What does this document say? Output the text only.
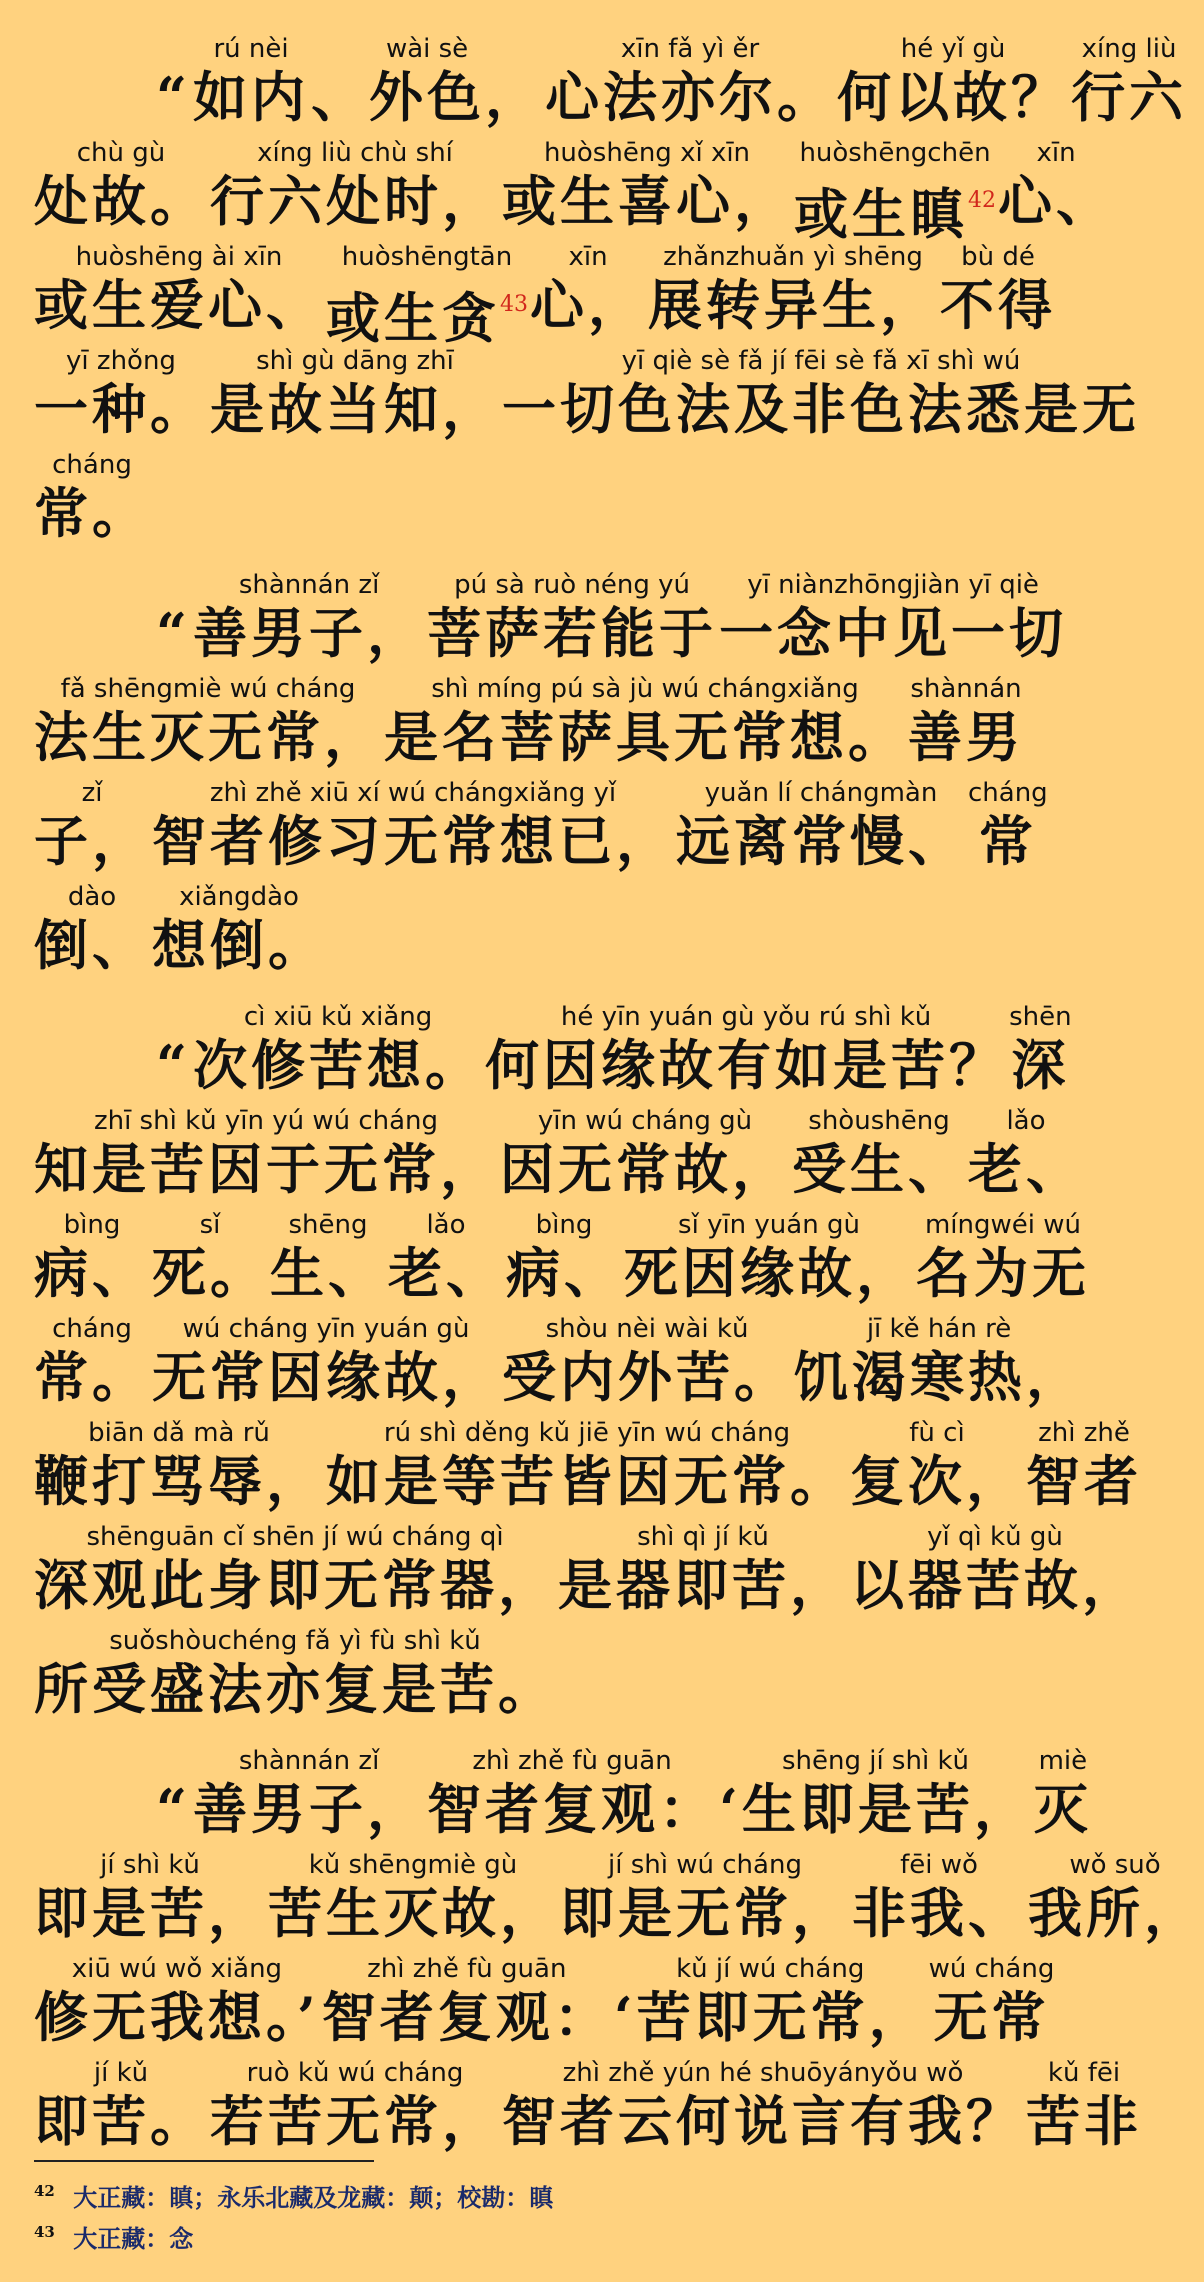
“
rú nèi
如内
wài sè
、外色，
xīn fǎ yì ěr
心法亦尔。
hé yǐ gù
何以故？
xíng liù
行六
chù gù
处故。
xíng liù chù shí
行六处时，
huòshēng xǐ xīn
或生喜心，
huòshēngchēn
或生瞋$^{42}$
xīn
心、
huòshēng ài xīn
或生爱心、
huòshēngtān
或生贪$^{43}$
xīn
心，
zhǎnzhuǎn yì shēng
展转异生，
bù dé
不得
yī zhǒng
一种。
shì gù dāng zhī
是故当知，
yī qiè sè fǎ jí fēi sè fǎ xī shì wú
一切色法及非色法悉是无
cháng
常。
“
shànnán zǐ
善男子，
pú sà ruò néng yú
菩萨若能于
yī niànzhōngjiàn yī qiè
一念中见一切
fǎ shēngmiè wú cháng
法生灭无常，
shì míng pú sà jù wú chángxiǎng
是名菩萨具无常想。
shànnán
善男
zǐ
子，
zhì zhě xiū xí wú chángxiǎng yǐ
智者修习无常想已，
yuǎn lí chángmàn
远离常慢、
cháng
常
dào
倒、
xiǎngdào
想倒。
“
cì xiū kǔ xiǎng
次修苦想。
hé yīn yuán gù yǒu rú shì kǔ
何因缘故有如是苦？
shēn
深
zhī shì kǔ yīn yú wú cháng
知是苦因于无常，
yīn wú cháng gù
因无常故，
shòushēng
受生、
lǎo
老、
bìng
病、
sǐ
死。
shēng
生、
lǎo
老、
bìng
病、
sǐ yīn yuán gù
死因缘故，
míngwéi wú
名为无
cháng
常。
wú cháng yīn yuán gù
无常因缘故，
shòu nèi wài kǔ
受内外苦。
jī kě hán rè
饥渴寒热，
biān dǎ mà rǔ
鞭打骂辱，
rú shì děng kǔ jiē yīn wú cháng
如是等苦皆因无常。
fù cì
复次，
zhì zhě
智者
shēnguān cǐ shēn jí wú cháng qì
深观此身即无常器，
shì qì jí kǔ
是器即苦，
yǐ qì kǔ gù
以器苦故，
suǒshòuchéng fǎ yì fù shì kǔ
所受盛法亦复是苦。
“
shànnán zǐ
善男子，
zhì zhě fù guān
智者复观：
shēng jí shì kǔ
‘生即是苦，
miè
灭
jí shì kǔ
即是苦，
kǔ shēngmiè gù
苦生灭故，
jí shì wú cháng
即是无常，
fēi wǒ
非我、
wǒ suǒ
我所，
xiū wú wǒ xiǎng
修无我想。’
zhì zhě fù guān
智者复观：
kǔ jí wú cháng
‘苦即无常，
wú cháng
无常
jí kǔ
即苦。
ruò kǔ wú cháng
若苦无常，
zhì zhě yún hé shuōyányǒu wǒ
智者云何说言有我？
kǔ fēi
苦非
$^{42}$ 大正藏：瞋；永乐北藏及龙藏：颠；校勘：瞋
$^{43}$ 大正藏：念
